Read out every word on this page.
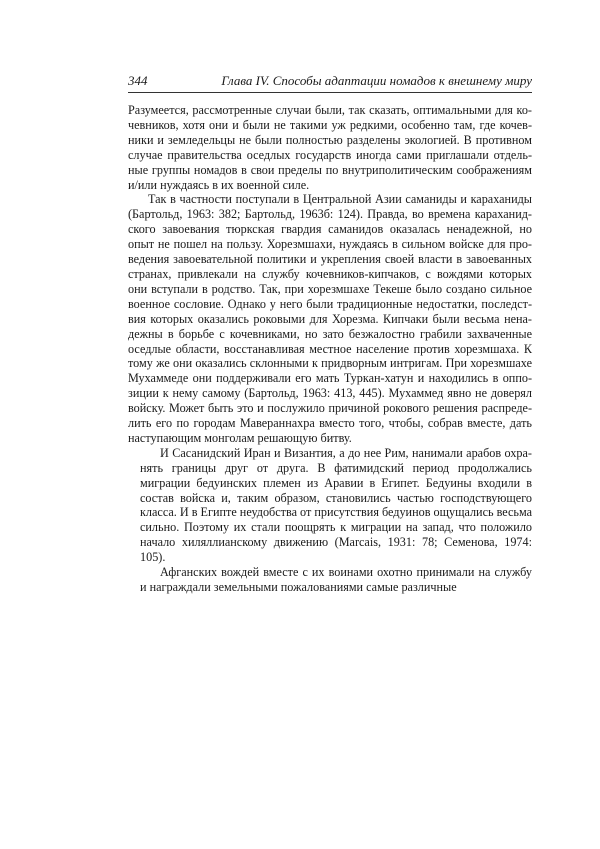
344	Глава IV. Способы адаптации номадов к внешнему миру

Разумеется, рассмотренные случаи были, так сказать, оптимальными для ко-чевников, хотя они и были не такими уж редкими, особенно там, где кочев-ники и земледельцы не были полностью разделены экологией. В противном случае правительства оседлых государств иногда сами приглашали отдель-ные группы номадов в свои пределы по внутриполитическим соображениям и/или нуждаясь в их военной силе.

Так в частности поступали в Центральной Азии саманиды и караханиды (Бартольд, 1963: 382; Бартольд, 1963б: 124). Правда, во времена караханид-ского завоевания тюркская гвардия саманидов оказалась ненадежной, но опыт не пошел на пользу. Хорезмшахи, нуждаясь в сильном войске для про-ведения завоевательной политики и укрепления своей власти в завоеванных странах, привлекали на службу кочевников-кипчаков, с вождями которых они вступали в родство. Так, при хорезмшахе Текеше было создано сильное военное сословие. Однако у него были традиционные недостатки, последст-вия которых оказались роковыми для Хорезма. Кипчаки были весьма нена-дежны в борьбе с кочевниками, но зато безжалостно грабили захваченные оседлые области, восстанавливая местное население против хорезмшаха. К тому же они оказались склонными к придворным интригам. При хорезмшахе Мухаммеде они поддерживали его мать Туркан-хатун и находились в оппо-зиции к нему самому (Бартольд, 1963: 413, 445). Мухаммед явно не доверял войску. Может быть это и послужило причиной рокового решения распреде-лить его по городам Мавераннахра вместо того, чтобы, собрав вместе, дать наступающим монголам решающую битву.

И Сасанидский Иран и Византия, а до нее Рим, нанимали арабов охра-нять границы друг от друга. В фатимидский период продолжались миграции бедуинских племен из Аравии в Египет. Бедуины входили в состав войска и, таким образом, становились частью господствующего класса. И в Египте неудобства от присутствия бедуинов ощущались весьма сильно. Поэтому их стали поощрять к миграции на запад, что положило начало хиляллианскому движению (Marcais, 1931: 78; Семенова, 1974: 105).

Афганских вождей вместе с их воинами охотно принимали на службу и награждали земельными пожалованиями самые различные
